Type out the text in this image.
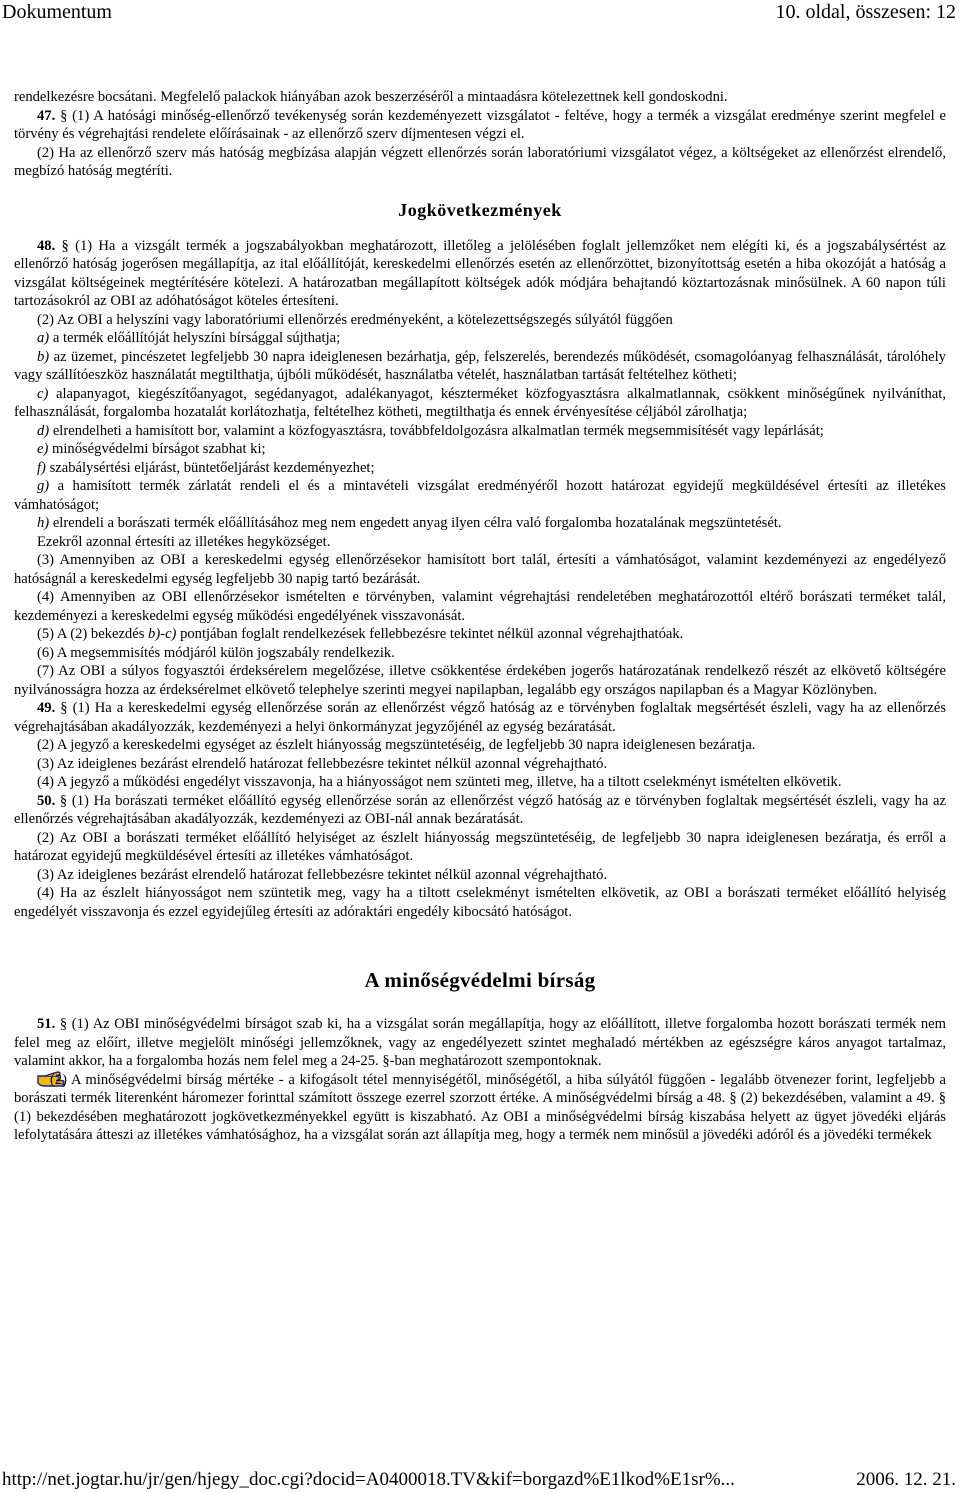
Dokumentum	10. oldal, összesen: 12

rendelkezésre bocsátani. Megfelelő palackok hiányában azok beszerzéséről a mintaadásra kötelezettnek kell gondoskodni.

47. § (1) A hatósági minőség-ellenőrző tevékenység során kezdeményezett vizsgálatot - feltéve, hogy a termék a vizsgálat eredménye szerint megfelel e törvény és végrehajtási rendelete előírásainak - az ellenőrző szerv díjmentesen végzi el.

(2) Ha az ellenőrző szerv más hatóság megbízása alapján végzett ellenőrzés során laboratóriumi vizsgálatot végez, a költségeket az ellenőrzést elrendelő, megbízó hatóság megtéríti.

Jogkövetkezmények

48. § (1) Ha a vizsgált termék a jogszabályokban meghatározott, illetőleg a jelölésében foglalt jellemzőket nem elégíti ki, és a jogszabálysértést az ellenőrző hatóság jogerősen megállapítja, az ital előállítóját, kereskedelmi ellenőrzés esetén az ellenőrzöttet, bizonyítottság esetén a hiba okozóját a hatóság a vizsgálat költségeinek megtérítésére kötelezi. A határozatban megállapított költségek adók módjára behajtandó köztartozásnak minősülnek. A 60 napon túli tartozásokról az OBI az adóhatóságot köteles értesíteni.

(2) Az OBI a helyszíni vagy laboratóriumi ellenőrzés eredményeként, a kötelezettségszegés súlyától függően

a) a termék előállítóját helyszíni bírsággal sújthatja;

b) az üzemet, pincészetet legfeljebb 30 napra ideiglenesen bezárhatja, gép, felszerelés, berendezés működését, csomagolóanyag felhasználását, tárolóhely vagy szállítóeszköz használatát megtilthatja, újbóli működését, használatba vételét, használatban tartását feltételhez kötheti;

c) alapanyagot, kiegészítőanyagot, segédanyagot, adalékanyagot, készterméket közfogyasztásra alkalmatlannak, csökkent minőségűnek nyilváníthat, felhasználását, forgalomba hozatalát korlátozhatja, feltételhez kötheti, megtilthatja és ennek érvényesítése céljából zárolhatja;

d) elrendelheti a hamisított bor, valamint a közfogyasztásra, továbbfeldolgozásra alkalmatlan termék megsemmisítését vagy lepárlását;

e) minőségvédelmi bírságot szabhat ki;

f) szabálysértési eljárást, büntetőeljárást kezdeményezhet;

g) a hamisított termék zárlatát rendeli el és a mintavételi vizsgálat eredményéről hozott határozat egyidejű megküldésével értesíti az illetékes vámhatóságot;

h) elrendeli a borászati termék előállításához meg nem engedett anyag ilyen célra való forgalomba hozatalának megszüntetését.

Ezekről azonnal értesíti az illetékes hegyközséget.

(3) Amennyiben az OBI a kereskedelmi egység ellenőrzésekor hamisított bort talál, értesíti a vámhatóságot, valamint kezdeményezi az engedélyező hatóságnál a kereskedelmi egység legfeljebb 30 napig tartó bezárását.

(4) Amennyiben az OBI ellenőrzésekor ismételten e törvényben, valamint végrehajtási rendeletében meghatározottól eltérő borászati terméket talál, kezdeményezi a kereskedelmi egység működési engedélyének visszavonását.

(5) A (2) bekezdés b)-c) pontjában foglalt rendelkezések fellebbezésre tekintet nélkül azonnal végrehajthatóak.

(6) A megsemmisítés módjáról külön jogszabály rendelkezik.

(7) Az OBI a súlyos fogyasztói érdeksérelem megelőzése, illetve csökkentése érdekében jogerős határozatának rendelkező részét az elkövető költségére nyilvánosságra hozza az érdeksérelmet elkövető telephelye szerinti megyei napilapban, legalább egy országos napilapban és a Magyar Közlönyben.

49. § (1) Ha a kereskedelmi egység ellenőrzése során az ellenőrzést végző hatóság az e törvényben foglaltak megsértését észleli, vagy ha az ellenőrzés végrehajtásában akadályozzák, kezdeményezi a helyi önkormányzat jegyzőjénél az egység bezáratását.

(2) A jegyző a kereskedelmi egységet az észlelt hiányosság megszüntetéséig, de legfeljebb 30 napra ideiglenesen bezáratja.

(3) Az ideiglenes bezárást elrendelő határozat fellebbezésre tekintet nélkül azonnal végrehajtható.

(4) A jegyző a működési engedélyt visszavonja, ha a hiányosságot nem szünteti meg, illetve, ha a tiltott cselekményt ismételten elkövetik.

50. § (1) Ha borászati terméket előállító egység ellenőrzése során az ellenőrzést végző hatóság az e törvényben foglaltak megsértését észleli, vagy ha az ellenőrzés végrehajtásában akadályozzák, kezdeményezi az OBI-nál annak bezáratását.

(2) Az OBI a borászati terméket előállító helyiséget az észlelt hiányosság megszüntetéséig, de legfeljebb 30 napra ideiglenesen bezáratja, és erről a határozat egyidejű megküldésével értesíti az illetékes vámhatóságot.

(3) Az ideiglenes bezárást elrendelő határozat fellebbezésre tekintet nélkül azonnal végrehajtható.

(4) Ha az észlelt hiányosságot nem szüntetik meg, vagy ha a tiltott cselekményt ismételten elkövetik, az OBI a borászati terméket előállító helyiség engedélyét visszavonja és ezzel egyidejűleg értesíti az adóraktári engedély kibocsátó hatóságot.

A minőségvédelmi bírság

51. § (1) Az OBI minőségvédelmi bírságot szab ki, ha a vizsgálat során megállapítja, hogy az előállított, illetve forgalomba hozott borászati termék nem felel meg az előírt, illetve megjelölt minőségi jellemzőknek, vagy az engedélyezett szintet meghaladó mértékben az egészségre káros anyagot tartalmaz, valamint akkor, ha a forgalomba hozás nem felel meg a 24-25. §-ban meghatározott szempontoknak.

(2) A minőségvédelmi bírság mértéke - a kifogásolt tétel mennyiségétől, minőségétől, a hiba súlyától függően - legalább ötvenezer forint, legfeljebb a borászati termék literenként háromezer forinttal számított összege ezerrel szorzott értéke. A minőségvédelmi bírság a 48. § (2) bekezdésében, valamint a 49. § (1) bekezdésében meghatározott jogkövetkezményekkel együtt is kiszabható. Az OBI a minőségvédelmi bírság kiszabása helyett az ügyet jövedéki eljárás lefolytatására átteszi az illetékes vámhatósághoz, ha a vizsgálat során azt állapítja meg, hogy a termék nem minősül a jövedéki adóról és a jövedéki termékek

http://net.jogtar.hu/jr/gen/hjegy_doc.cgi?docid=A0400018.TV&kif=borgazd%E1lkod%E1sr%...	2006. 12. 21.
